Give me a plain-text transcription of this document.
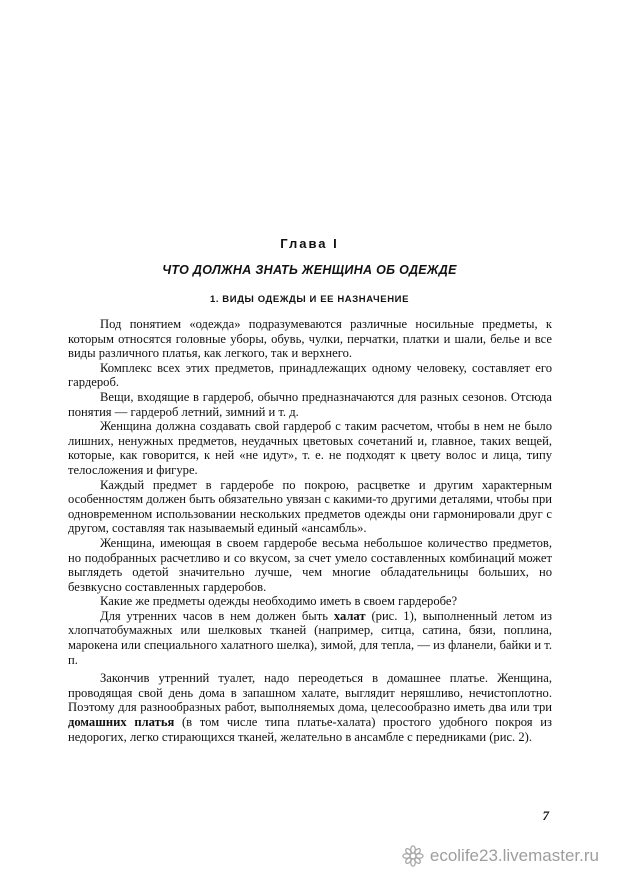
Глава I
ЧТО ДОЛЖНА ЗНАТЬ ЖЕНЩИНА ОБ ОДЕЖДЕ
1. ВИДЫ ОДЕЖДЫ И ЕЕ НАЗНАЧЕНИЕ

Под понятием «одежда» подразумеваются различные носильные предметы, к которым относятся головные уборы, обувь, чулки, перчатки, платки и шали, белье и все виды различного платья, как легкого, так и верхнего.

Комплекс всех этих предметов, принадлежащих одному человеку, составляет его гардероб.

Вещи, входящие в гардероб, обычно предназначаются для разных сезонов. Отсюда понятия — гардероб летний, зимний и т. д.

Женщина должна создавать свой гардероб с таким расчетом, чтобы в нем не было лишних, ненужных предметов, неудачных цветовых сочетаний и, главное, таких вещей, которые, как говорится, к ней «не идут», т. е. не подходят к цвету волос и лица, типу телосложения и фигуре.

Каждый предмет в гардеробе по покрою, расцветке и другим характерным особенностям должен быть обязательно увязан с какими-то другими деталями, чтобы при одновременном использовании нескольких предметов одежды они гармонировали друг с другом, составляя так называемый единый «ансамбль».

Женщина, имеющая в своем гардеробе весьма небольшое количество предметов, но подобранных расчетливо и со вкусом, за счет умело составленных комбинаций может выглядеть одетой значительно лучше, чем многие обладательницы больших, но безвкусно составленных гардеробов.

Какие же предметы одежды необходимо иметь в своем гардеробе?

Для утренних часов в нем должен быть халат (рис. 1), выполненный летом из хлопчатобумажных или шелковых тканей (например, ситца, сатина, бязи, поплина, марокена или специального халатного шелка), зимой, для тепла, — из фланели, байки и т. п.

Закончив утренний туалет, надо переодеться в домашнее платье. Женщина, проводящая свой день дома в запашном халате, выглядит неряшливо, нечистоплотно. Поэтому для разнообразных работ, выполняемых дома, целесообразно иметь два или три домашних платья (в том числе типа платье-халата) простого удобного покроя из недорогих, легко стирающихся тканей, желательно в ансамбле с передниками (рис. 2).

7
ecolife23.livemaster.ru
